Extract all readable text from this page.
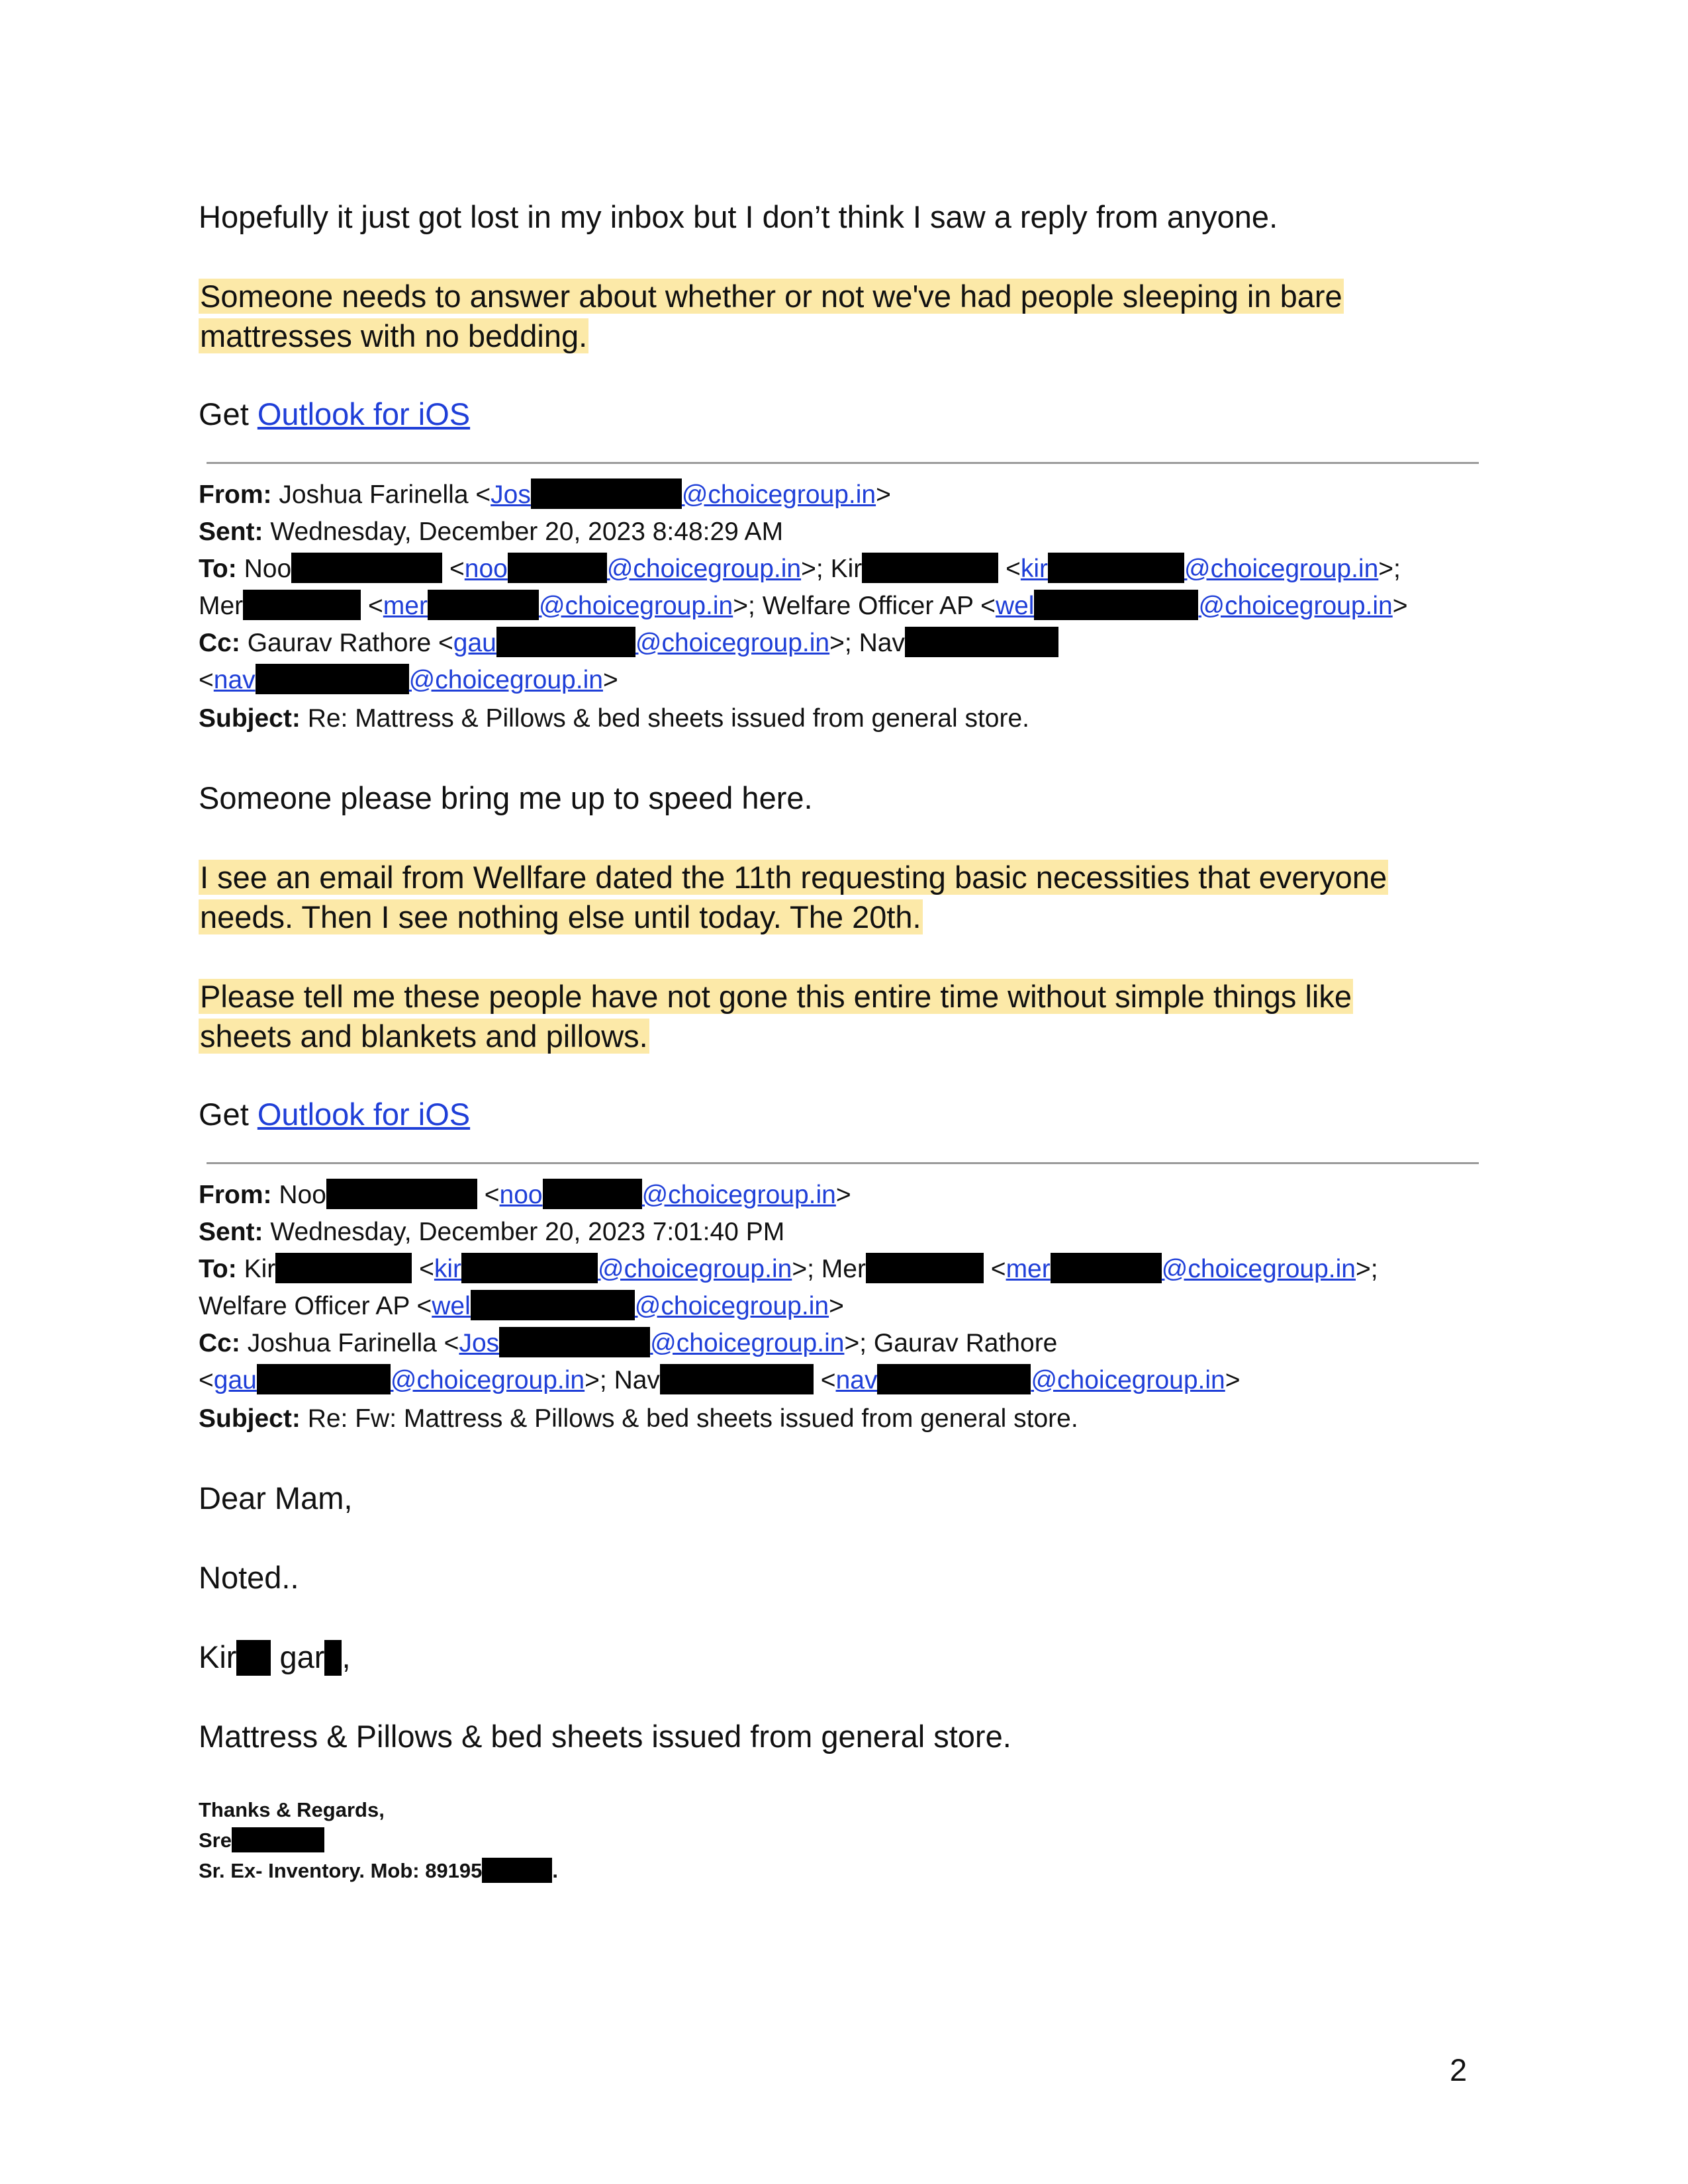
Hopefully it just got lost in my inbox but I don’t think I saw a reply from anyone.

Someone needs to answer about whether or not we've had people sleeping in bare
mattresses with no bedding.

Get Outlook for iOS

From: Joshua Farinella <Jos	@choicegroup.in>
Sent: Wednesday, December 20, 2023 8:48:29 AM
To: Noo	<noo	@choicegroup.in>; Kir	<kir	@choicegroup.in>;
Mer	<mer	@choicegroup.in>; Welfare Officer AP <wel	@choicegroup.in>
Cc: Gaurav Rathore <gau	@choicegroup.in>; Nav
<nav	@choicegroup.in>
Subject: Re: Mattress & Pillows & bed sheets issued from general store.

Someone please bring me up to speed here.

I see an email from Wellfare dated the 11th requesting basic necessities that everyone
needs. Then I see nothing else until today. The 20th.

Please tell me these people have not gone this entire time without simple things like
sheets and blankets and pillows.

Get Outlook for iOS

From: Noo	<noo	@choicegroup.in>
Sent: Wednesday, December 20, 2023 7:01:40 PM
To: Kir	<kir	@choicegroup.in>; Mer	<mer	@choicegroup.in>;
Welfare Officer AP <wel	@choicegroup.in>
Cc: Joshua Farinella <Jos	@choicegroup.in>; Gaurav Rathore
<gau	@choicegroup.in>; Nav	<nav	@choicegroup.in>
Subject: Re: Fw: Mattress & Pillows & bed sheets issued from general store.

Dear Mam,

Noted..

Kir gar ,

Mattress & Pillows & bed sheets issued from general store.

Thanks & Regards,
Sre
Sr. Ex- Inventory. Mob: 89195	.
2
